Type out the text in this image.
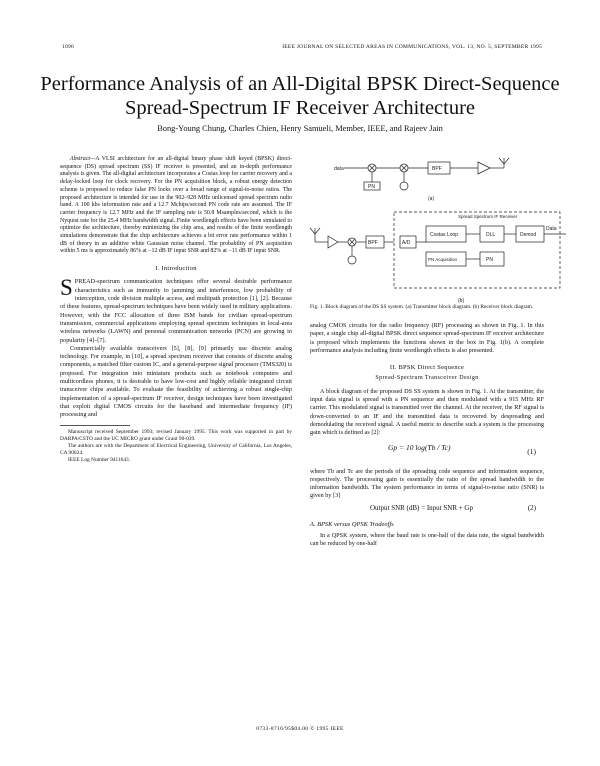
1096	IEEE JOURNAL ON SELECTED AREAS IN COMMUNICATIONS, VOL. 13, NO. 5, SEPTEMBER 1995
Performance Analysis of an All-Digital BPSK Direct-Sequence Spread-Spectrum IF Receiver Architecture
Bong-Young Chung, Charles Chien, Henry Samueli, Member, IEEE, and Rajeev Jain

Abstract—A VLSI architecture for an all-digital binary phase shift keyed (BPSK) direct-sequence (DS) spread spectrum (SS) IF receiver is presented, and an in-depth performance analysis is given. The all-digital architecture incorporates a Costas loop for carrier recovery and a delay-locked loop for clock recovery. For the PN acquisition block, a robust energy detection scheme is proposed to reduce false PN locks over a broad range of signal-to-noise ratios. The proposed architecture is intended for use in the 902–928 MHz unlicensed spread spectrum radio band. A 100 kbs information rate and a 12.7 Mchips/second PN code rate are assumed. The IF carrier frequency is 12.7 MHz and the IF sampling rate is 50.8 Msamples/second, which is the Nyquist rate for the 25.4 MHz bandwidth signal. Finite wordlength effects have been simulated to optimize the architecture, thereby minimizing the chip area, and results of the finite wordlength simulations demonstrate that the chip architecture achieves a bit error rate performance within 1 dB of theory in an additive white Gaussian noise channel. The probability of PN acquisition within 5 ms is approximately 86% at −12 dB IF input SNR and 82% at −11 dB IF input SNR.

I. Introduction

SPREAD-spectrum communication techniques offer several desirable performance characteristics such as immunity to jamming and interference, low probability of interception, code division multiple access, and multipath protection [1], [2]. Because of these features, spread-spectrum techniques have been widely used in military applications. However, with the FCC allocation of three ISM bands for civilian spread-spectrum transmission, commercial applications employing spread spectrum techniques in local-area wireless networks (LAWN) and personal communication networks (PCN) are growing in popularity [4]–[7].

Commercially available transceivers [5], [8], [9] primarily use discrete analog technology. For example, in [10], a spread spectrum receiver that consists of discrete analog components, a matched filter custom IC, and a general-purpose signal processor (TMS320) is proposed. For integration into miniature products such as notebook computers and multicordless phones, it is desirable to have low-cost and highly reliable integrated circuit transceiver chips available. To evaluate the feasibility of achieving a robust single-chip implementation of a spread-spectrum IF receiver, design techniques have been investigated that exploit digital CMOS circuits for the baseband and intermediate frequency (IF) processing and

Manuscript received September 1993; revised January 1995. This work was supported in part by DARPA/CSTO and the UC MICRO grant under Grant 90-039.

The authors are with the Department of Electrical Engineering, University of California, Los Angeles, CA 90024.

IEEE Log Number 9411643.

data
PN
BPF
(a)
BPF
Spread Spectrum IF Receiver
A/D
Costas Loop
PN Acquisition
DLL
PN
Demod
Data
(b)
Fig. 1. Block diagram of the DS SS system. (a) Transmitter block diagram. (b) Receiver block diagram.

analog CMOS circuits for the radio frequency (RF) processing as shown in Fig. 1. In this paper, a single chip all-digital BPSK direct sequence spread-spectrum IF receiver architecture is proposed which implements the functions shown in the box in Fig. 1(b). A complete performance analysis including finite wordlength effects is also presented.

II. BPSK Direct Sequence
Spread-Spectrum Transceiver Design

A block diagram of the proposed DS SS system is shown in Fig. 1. At the transmitter, the input data signal is spread with a PN sequence and then modulated with a 915 MHz RF carrier. This modulated signal is transmitted over the channel. At the receiver, the RF signal is down-converted to an IF and the transmitted data is recovered by despreading and demodulating the received signal. A useful metric to describe such a system is the processing gain which is defined as [2]:

Gp = 10 log(Tb / Tc)	(1)

where Tb and Tc are the periods of the spreading code sequence and information sequence, respectively. The processing gain is essentially the ratio of the spread bandwidth to the information bandwidth. The system performance in terms of signal-to-noise ratio (SNR) is given by [3]

Output SNR (dB) = Input SNR + Gp	(2)
A. BPSK versus QPSK Tradeoffs

In a QPSK system, where the baud rate is one-half of the data rate, the signal bandwidth can be reduced by one-half

0733-8716/95$04.00 © 1995 IEEE
